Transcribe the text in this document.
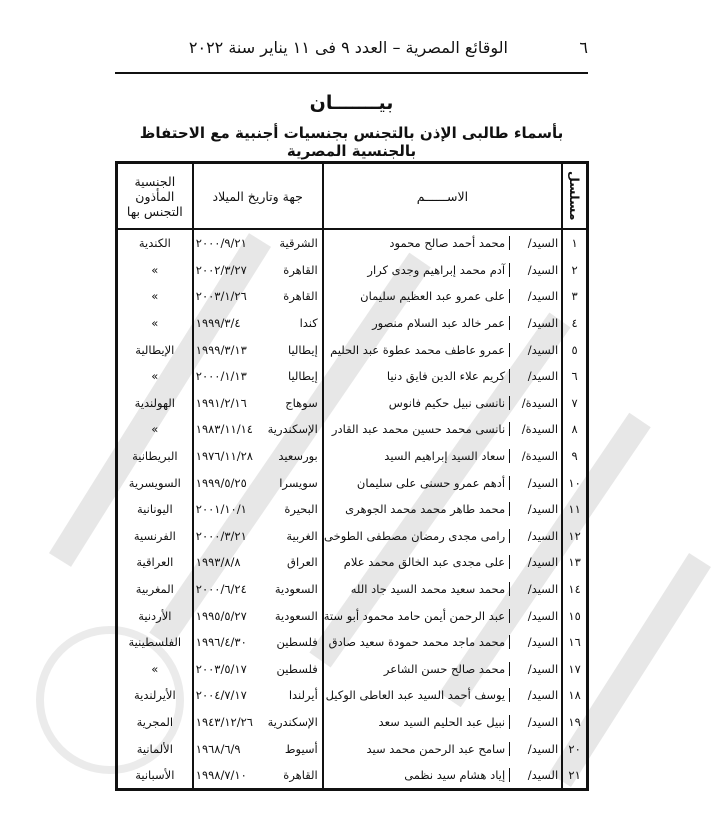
٦
الوقائع المصرية – العدد ٩ فى ١١ يناير سنة ٢٠٢٢
بيـــــــان
بأسماء طالبى الإذن بالتجنس بجنسيات أجنبية مع الاحتفاظ بالجنسية المصرية
مسلسل	الاســــــم	جهة وتاريخ الميلاد	الجنسية المأذون التجنس بها
١	السيد/محمد أحمد صالح محمود	الشرقية٢٠٠٠/٩/٢١	الكندية
٢	السيد/آدم محمد إبراهيم وجدى كرار	القاهرة٢٠٠٢/٣/٢٧	»
٣	السيد/على عمرو عبد العظيم سليمان	القاهرة٢٠٠٣/١/٢٦	»
٤	السيد/عمر خالد عبد السلام منصور	كندا١٩٩٩/٣/٤	»
٥	السيد/عمرو عاطف محمد عطوة عبد الحليم	إيطاليا١٩٩٩/٣/١٣	الإيطالية
٦	السيد/كريم علاء الدين فايق دنيا	إيطاليا٢٠٠٠/١/١٣	»
٧	السيدة/نانسى نبيل حكيم فانوس	سوهاج١٩٩١/٢/١٦	الهولندية
٨	السيدة/نانسى محمد حسين محمد عبد القادر	الإسكندرية١٩٨٣/١١/١٤	»
٩	السيدة/سعاد السيد إبراهيم السيد	بورسعيد١٩٧٦/١١/٢٨	البريطانية
١٠	السيد/أدهم عمرو حسنى على سليمان	سويسرا١٩٩٩/٥/٢٥	السويسرية
١١	السيد/محمد طاهر محمد محمد الجوهرى	البحيرة٢٠٠١/١٠/١	اليونانية
١٢	السيد/رامى مجدى رمضان مصطفى الطوخى	الغربية٢٠٠٠/٣/٢١	الفرنسية
١٣	السيد/على مجدى عبد الخالق محمد علام	العراق١٩٩٣/٨/٨	العراقية
١٤	السيد/محمد سعيد محمد السيد جاد الله	السعودية٢٠٠٠/٦/٢٤	المغربية
١٥	السيد/عبد الرحمن أيمن حامد محمود أبو ستة	السعودية١٩٩٥/٥/٢٧	الأردنية
١٦	السيد/محمد ماجد محمد حمودة سعيد صادق	فلسطين١٩٩٦/٤/٣٠	الفلسطينية
١٧	السيد/محمد صالح حسن الشاعر	فلسطين٢٠٠٣/٥/١٧	»
١٨	السيد/يوسف أحمد السيد عبد العاطى الوكيل	أيرلندا٢٠٠٤/٧/١٧	الأيرلندية
١٩	السيد/نبيل عبد الحليم السيد سعد	الإسكندرية١٩٤٣/١٢/٢٦	المجرية
٢٠	السيد/سامح عبد الرحمن محمد سيد	أسيوط١٩٦٨/٦/٩	الألمانية
٢١	السيد/إياد هشام سيد نظمى	القاهرة١٩٩٨/٧/١٠	الأسبانية
